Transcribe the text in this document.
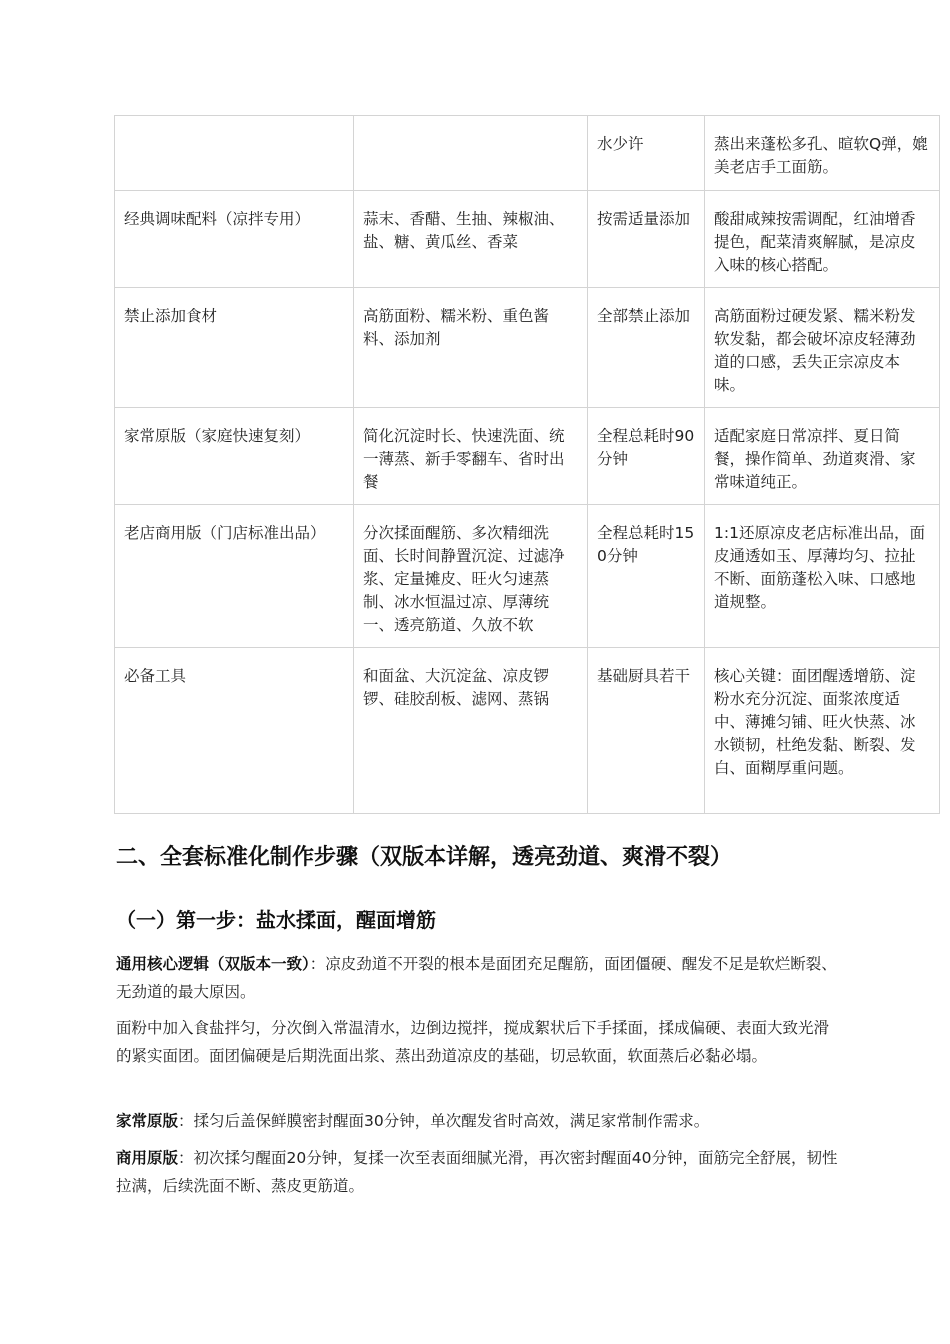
		水少许	蒸出来蓬松多孔、暄软Q弹，媲美老店手工面筋。
经典调味配料（凉拌专用）	蒜末、香醋、生抽、辣椒油、盐、糖、黄瓜丝、香菜	按需适量添加	酸甜咸辣按需调配，红油增香提色，配菜清爽解腻，是凉皮入味的核心搭配。
禁止添加食材	高筋面粉、糯米粉、重色酱料、添加剂	全部禁止添加	高筋面粉过硬发紧、糯米粉发软发黏，都会破坏凉皮轻薄劲道的口感，丢失正宗凉皮本味。
家常原版（家庭快速复刻）	简化沉淀时长、快速洗面、统一薄蒸、新手零翻车、省时出餐	全程总耗时90分钟	适配家庭日常凉拌、夏日简餐，操作简单、劲道爽滑、家常味道纯正。
老店商用版（门店标准出品）	分次揉面醒筋、多次精细洗面、长时间静置沉淀、过滤净浆、定量摊皮、旺火匀速蒸制、冰水恒温过凉、厚薄统一、透亮筋道、久放不软	全程总耗时150分钟	1:1还原凉皮老店标准出品，面皮通透如玉、厚薄均匀、拉扯不断、面筋蓬松入味、口感地道规整。
必备工具	和面盆、大沉淀盆、凉皮锣锣、硅胶刮板、滤网、蒸锅	基础厨具若干	核心关键：面团醒透增筋、淀粉水充分沉淀、面浆浓度适中、薄摊匀铺、旺火快蒸、冰水锁韧，杜绝发黏、断裂、发白、面糊厚重问题。
二、全套标准化制作步骤（双版本详解，透亮劲道、爽滑不裂）
（一）第一步：盐水揉面，醒面增筋

通用核心逻辑（双版本一致）：凉皮劲道不开裂的根本是面团充足醒筋，面团僵硬、醒发不足是软烂断裂、无劲道的最大原因。

面粉中加入食盐拌匀，分次倒入常温清水，边倒边搅拌，搅成絮状后下手揉面，揉成偏硬、表面大致光滑的紧实面团。面团偏硬是后期洗面出浆、蒸出劲道凉皮的基础，切忌软面，软面蒸后必黏必塌。

家常原版：揉匀后盖保鲜膜密封醒面30分钟，单次醒发省时高效，满足家常制作需求。

商用原版：初次揉匀醒面20分钟，复揉一次至表面细腻光滑，再次密封醒面40分钟，面筋完全舒展，韧性拉满，后续洗面不断、蒸皮更筋道。
